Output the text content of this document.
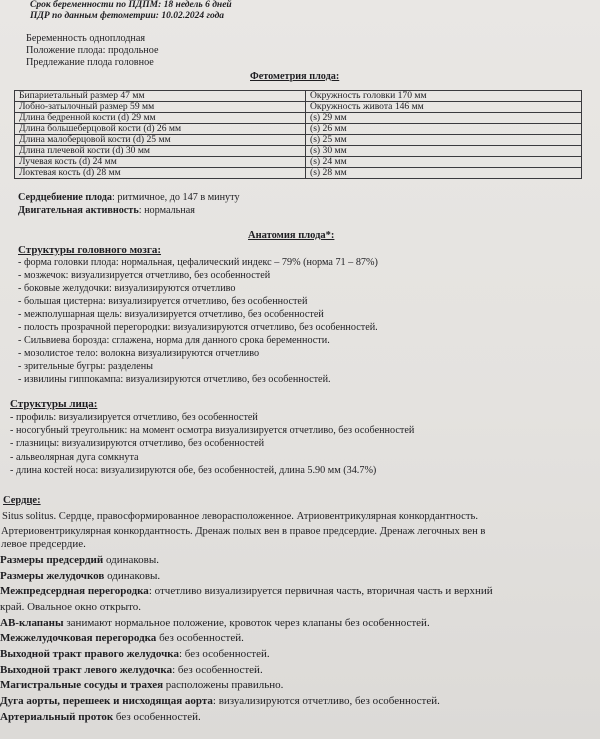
Срок беременности по ПДПМ: 18 недель 6 дней
ПДР по данным фетометрии: 10.02.2024 года
Беременность одноплодная
Положение плода: продольное
Предлежание плода головное
Фетометрия плода:
Бипариетальный размер 47 мм	Окружность головки 170 мм
Лобно-затылочный размер 59 мм	Окружность живота 146 мм
Длина бедренной кости (d) 29 мм	(s) 29 мм
Длина большеберцовой кости (d) 26 мм	(s) 26 мм
Длина малоберцовой кости (d) 25 мм	(s) 25 мм
Длина плечевой кости (d) 30 мм	(s) 30 мм
Лучевая кость (d) 24 мм	(s) 24 мм
Локтевая кость (d) 28 мм	(s) 28 мм
Сердцебиение плода: ритмичное, до 147 в минуту
Двигательная активность: нормальная
Анатомия плода*:
Структуры головного мозга:
- форма головки плода: нормальная, цефалический индекс – 79% (норма 71 – 87%)
- мозжечок: визуализируется отчетливо, без особенностей
- боковые желудочки: визуализируются отчетливо
- большая цистерна: визуализируется отчетливо, без особенностей
- межполушарная щель: визуализируется отчетливо, без особенностей
- полость прозрачной перегородки: визуализируются отчетливо, без особенностей.
- Сильвиева борозда: сглажена, норма для данного срока беременности.
- мозолистое тело: волокна визуализируются отчетливо
- зрительные бугры: разделены
- извилины гиппокампа: визуализируются отчетливо, без особенностей.
Структуры лица:
- профиль: визуализируется отчетливо, без особенностей
- носогубный треугольник: на момент осмотра визуализируется отчетливо, без особенностей
- глазницы: визуализируются отчетливо, без особенностей
- альвеолярная дуга сомкнута
- длина костей носа: визуализируются обе, без особенностей, длина 5.90 мм (34.7%)
Сердце:
Situs solitus. Сердце, правосформированное леворасположенное. Атриовентрикулярная конкордантность.
Артериовентрикулярная конкордантность. Дренаж полых вен в правое предсердие. Дренаж легочных вен в
левое предсердие.
Размеры предсердий одинаковы.
Размеры желудочков одинаковы.
Межпредсердная перегородка: отчетливо визуализируется первичная часть, вторичная часть и верхний
край. Овальное окно открыто.
АВ-клапаны занимают нормальное положение, кровоток через клапаны без особенностей.
Межжелудочковая перегородка без особенностей.
Выходной тракт правого желудочка: без особенностей.
Выходной тракт левого желудочка: без особенностей.
Магистральные сосуды и трахея расположены правильно.
Дуга аорты, перешеек и нисходящая аорта: визуализируются отчетливо, без особенностей.
Артериальный проток без особенностей.
